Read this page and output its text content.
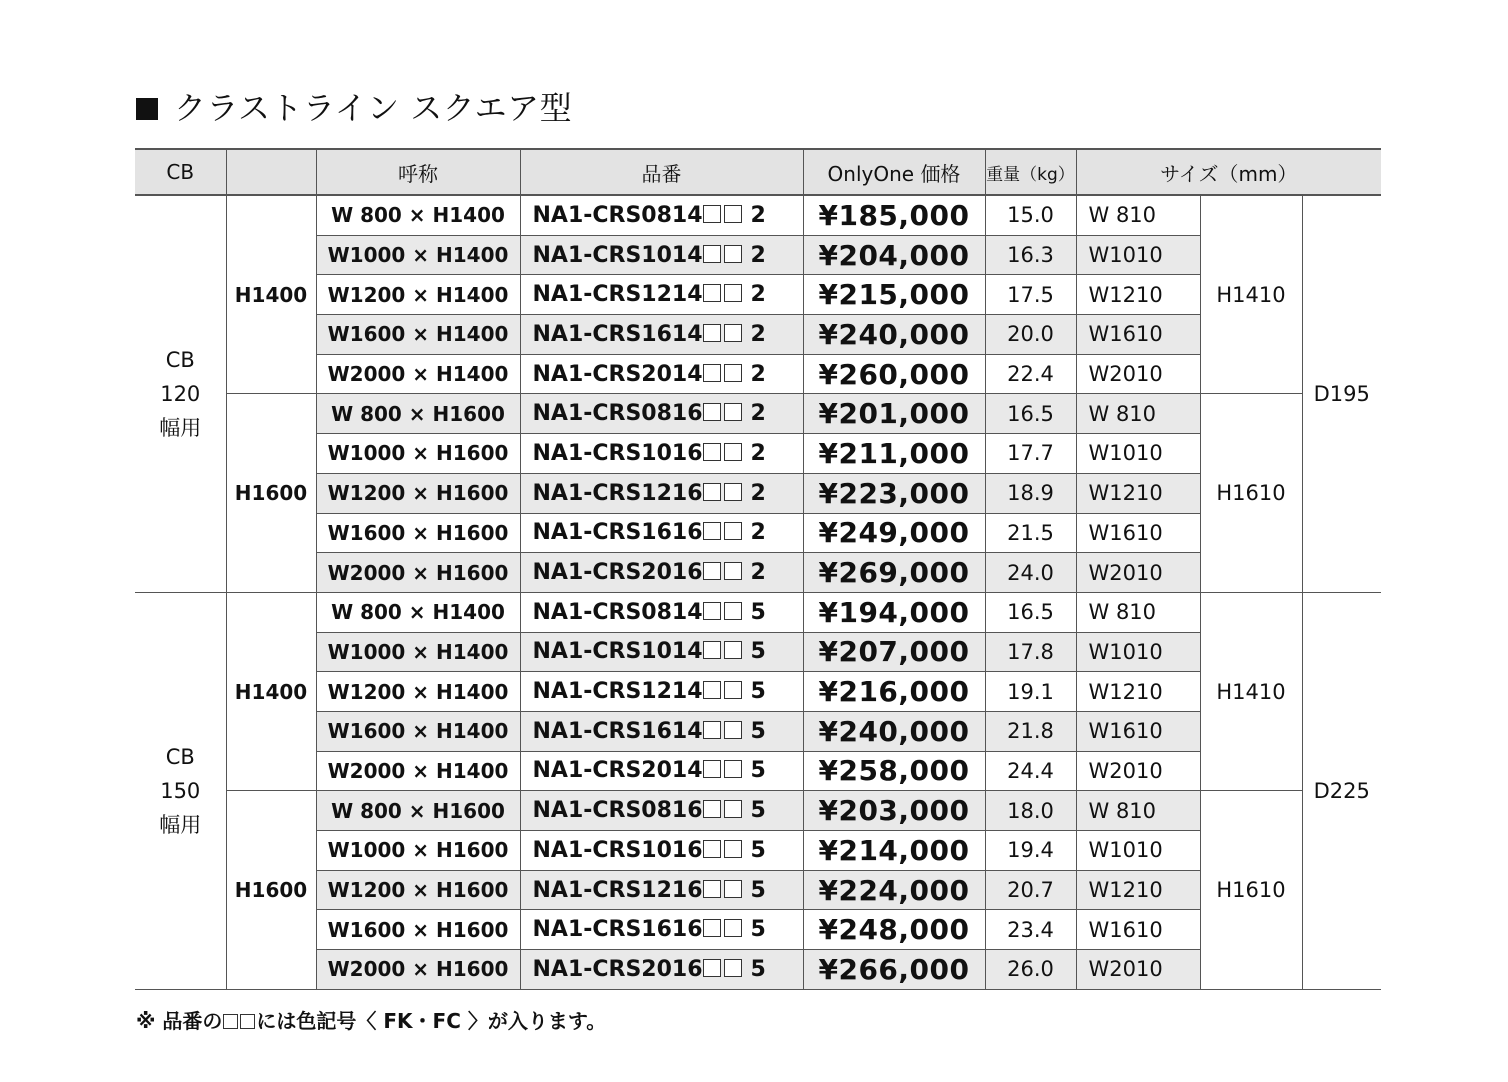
クラストライン スクエア型
CB		呼称	品番	OnlyOne 価格	重量（kg）	サイズ（mm）		

CB
120
幅用	H1400	W 800 × H1400	NA1-CRS0814 2	¥185,000	15.0	W 810	H1410	D195
		W1000 × H1400	NA1-CRS1014 2	¥204,000	16.3	W1010		
		W1200 × H1400	NA1-CRS1214 2	¥215,000	17.5	W1210		
		W1600 × H1400	NA1-CRS1614 2	¥240,000	20.0	W1610		
		W2000 × H1400	NA1-CRS2014 2	¥260,000	22.4	W2010		
	H1600	W 800 × H1600	NA1-CRS0816 2	¥201,000	16.5	W 810	H1610	
		W1000 × H1600	NA1-CRS1016 2	¥211,000	17.7	W1010		
		W1200 × H1600	NA1-CRS1216 2	¥223,000	18.9	W1210		
		W1600 × H1600	NA1-CRS1616 2	¥249,000	21.5	W1610		
		W2000 × H1600	NA1-CRS2016 2	¥269,000	24.0	W2010		

CB
150
幅用	H1400	W 800 × H1400	NA1-CRS0814 5	¥194,000	16.5	W 810	H1410	D225
		W1000 × H1400	NA1-CRS1014 5	¥207,000	17.8	W1010		
		W1200 × H1400	NA1-CRS1214 5	¥216,000	19.1	W1210		
		W1600 × H1400	NA1-CRS1614 5	¥240,000	21.8	W1610		
		W2000 × H1400	NA1-CRS2014 5	¥258,000	24.4	W2010		
	H1600	W 800 × H1600	NA1-CRS0816 5	¥203,000	18.0	W 810	H1610	
		W1000 × H1600	NA1-CRS1016 5	¥214,000	19.4	W1010		
		W1200 × H1600	NA1-CRS1216 5	¥224,000	20.7	W1210		
		W1600 × H1600	NA1-CRS1616 5	¥248,000	23.4	W1610		
		W2000 × H1600	NA1-CRS2016 5	¥266,000	26.0	W2010		
※ 品番の には色記号〈 FK・FC 〉が入ります。
